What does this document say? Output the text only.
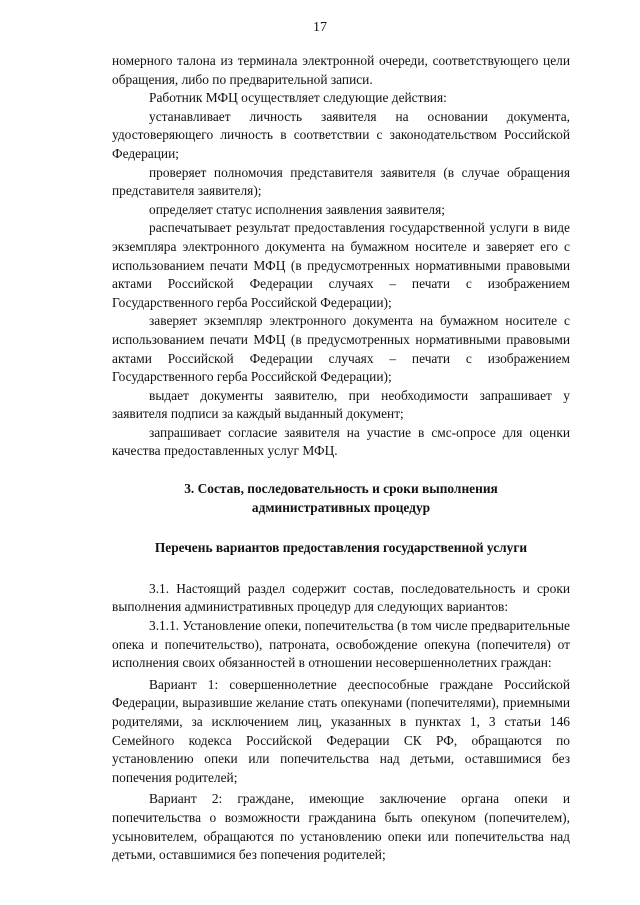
17

номерного талона из терминала электронной очереди, соответствующего цели обращения, либо по предварительной записи.

Работник МФЦ осуществляет следующие действия:

устанавливает личность заявителя на основании документа, удостоверяющего личность в соответствии с законодательством Российской Федерации;

проверяет полномочия представителя заявителя (в случае обращения представителя заявителя);

определяет статус исполнения заявления заявителя;

распечатывает результат предоставления государственной услуги в виде экземпляра электронного документа на бумажном носителе и заверяет его с использованием печати МФЦ (в предусмотренных нормативными правовыми актами Российской Федерации случаях – печати с изображением Государственного герба Российской Федерации);

заверяет экземпляр электронного документа на бумажном носителе с использованием печати МФЦ (в предусмотренных нормативными правовыми актами Российской Федерации случаях – печати с изображением Государственного герба Российской Федерации);

выдает документы заявителю, при необходимости запрашивает у заявителя подписи за каждый выданный документ;

запрашивает согласие заявителя на участие в смс-опросе для оценки качества предоставленных услуг МФЦ.

3. Состав, последовательность и сроки выполнения
административных процедур

Перечень вариантов предоставления государственной услуги

3.1. Настоящий раздел содержит состав, последовательность и сроки выполнения административных процедур для следующих вариантов:

3.1.1. Установление опеки, попечительства (в том числе предварительные опека и попечительство), патроната, освобождение опекуна (попечителя) от исполнения своих обязанностей в отношении несовершеннолетних граждан:

Вариант 1: совершеннолетние дееспособные граждане Российской Федерации, выразившие желание стать опекунами (попечителями), приемными родителями, за исключением лиц, указанных в пунктах 1, 3 статьи 146 Семейного кодекса Российской Федерации СК РФ, обращаются по установлению опеки или попечительства над детьми, оставшимися без попечения родителей;

Вариант 2: граждане, имеющие заключение органа опеки и попечительства о возможности гражданина быть опекуном (попечителем), усыновителем, обращаются по установлению опеки или попечительства над детьми, оставшимися без попечения родителей;
